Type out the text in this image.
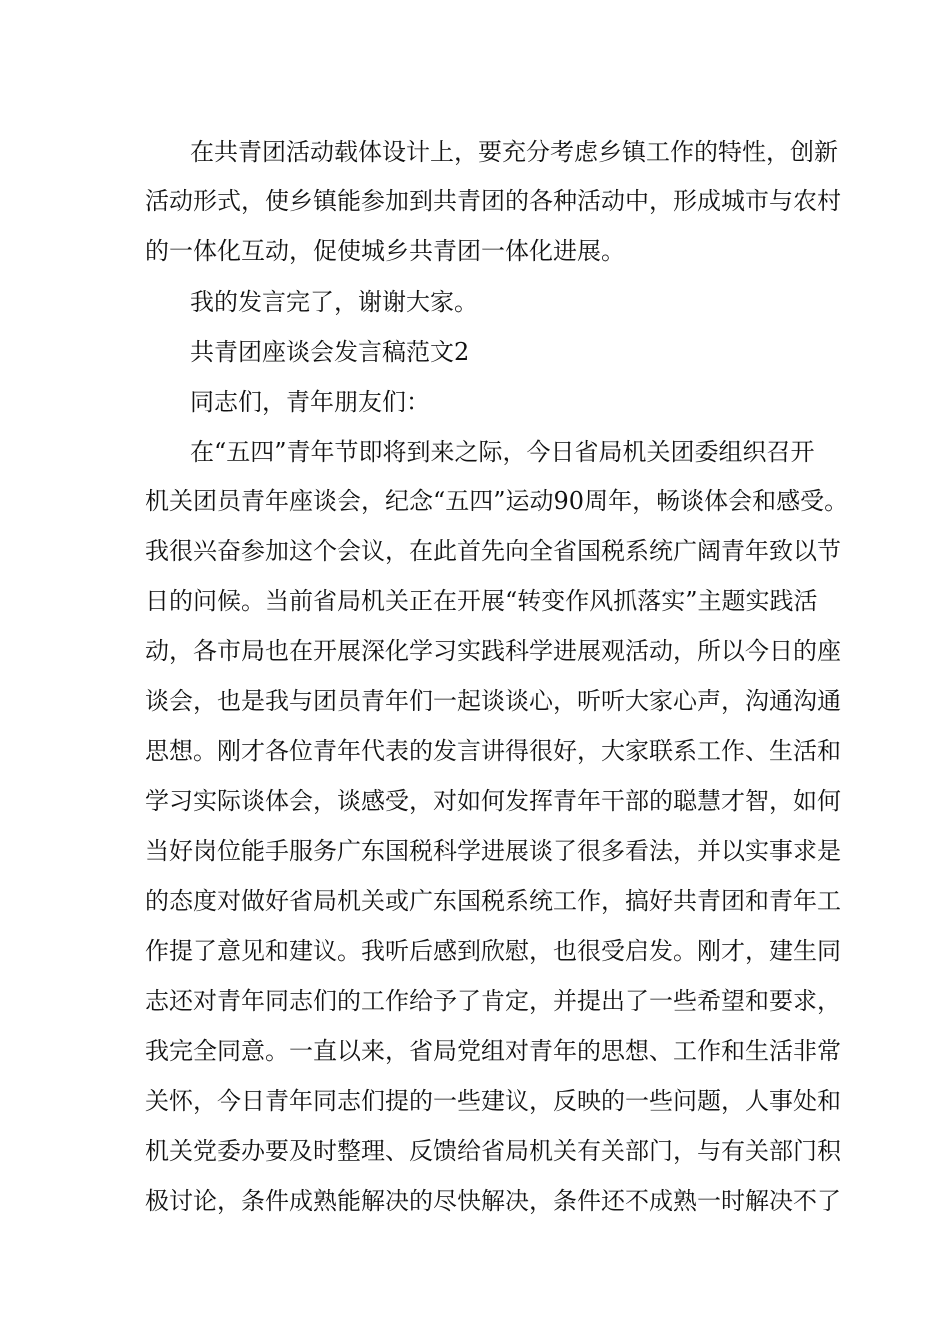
在共青团活动载体设计上，要充分考虑乡镇工作的特性，创新
活动形式，使乡镇能参加到共青团的各种活动中，形成城市与农村
的一体化互动，促使城乡共青团一体化进展。
我的发言完了，谢谢大家。
共青团座谈会发言稿范文2
同志们，青年朋友们：
在“五四”青年节即将到来之际，今日省局机关团委组织召开
机关团员青年座谈会，纪念“五四”运动90周年，畅谈体会和感受。
我很兴奋参加这个会议，在此首先向全省国税系统广阔青年致以节
日的问候。当前省局机关正在开展“转变作风抓落实”主题实践活
动，各市局也在开展深化学习实践科学进展观活动，所以今日的座
谈会，也是我与团员青年们一起谈谈心，听听大家心声，沟通沟通
思想。刚才各位青年代表的发言讲得很好，大家联系工作、生活和
学习实际谈体会，谈感受，对如何发挥青年干部的聪慧才智，如何
当好岗位能手服务广东国税科学进展谈了很多看法，并以实事求是
的态度对做好省局机关或广东国税系统工作，搞好共青团和青年工
作提了意见和建议。我听后感到欣慰，也很受启发。刚才，建生同
志还对青年同志们的工作给予了肯定，并提出了一些希望和要求，
我完全同意。一直以来，省局党组对青年的思想、工作和生活非常
关怀，今日青年同志们提的一些建议，反映的一些问题，人事处和
机关党委办要及时整理、反馈给省局机关有关部门，与有关部门积
极讨论，条件成熟能解决的尽快解决，条件还不成熟一时解决不了
